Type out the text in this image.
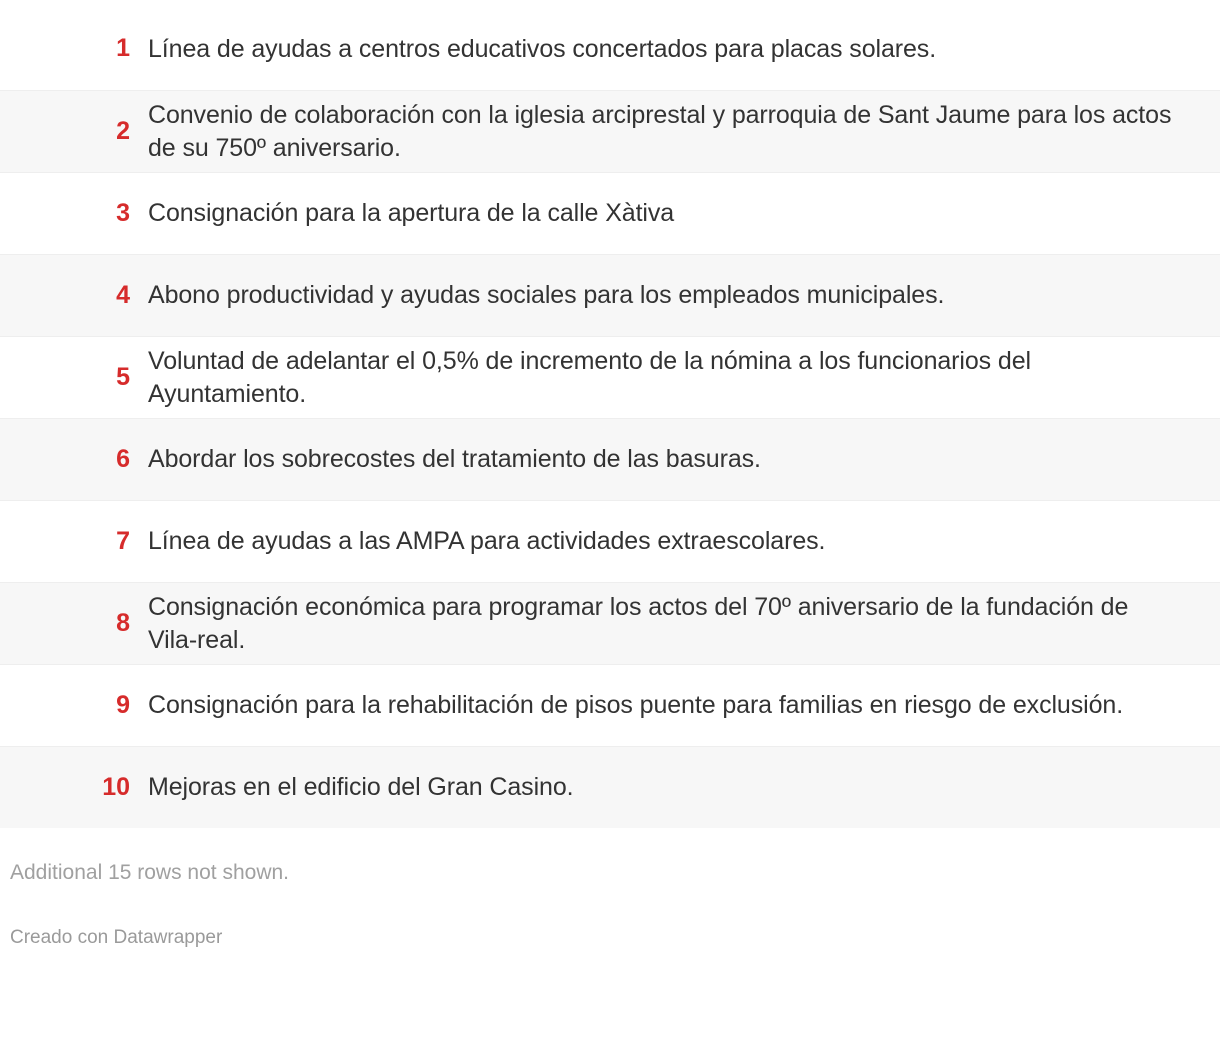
1 Línea de ayudas a centros educativos concertados para placas solares.
2
Convenio de colaboración con la iglesia arciprestal y parroquia de Sant Jaume para los actos de su 750º aniversario.
3 Consignación para la apertura de la calle Xàtiva
4 Abono productividad y ayudas sociales para los empleados municipales.
5
Voluntad de adelantar el 0,5% de incremento de la nómina a los funcionarios del Ayuntamiento.
6 Abordar los sobrecostes del tratamiento de las basuras.
7 Línea de ayudas a las AMPA para actividades extraescolares.
8
Consignación económica para programar los actos del 70º aniversario de la fundación de Vila-real.
9 Consignación para la rehabilitación de pisos puente para familias en riesgo de exclusión.
10 Mejoras en el edificio del Gran Casino.
Additional 15 rows not shown.
Creado con Datawrapper
